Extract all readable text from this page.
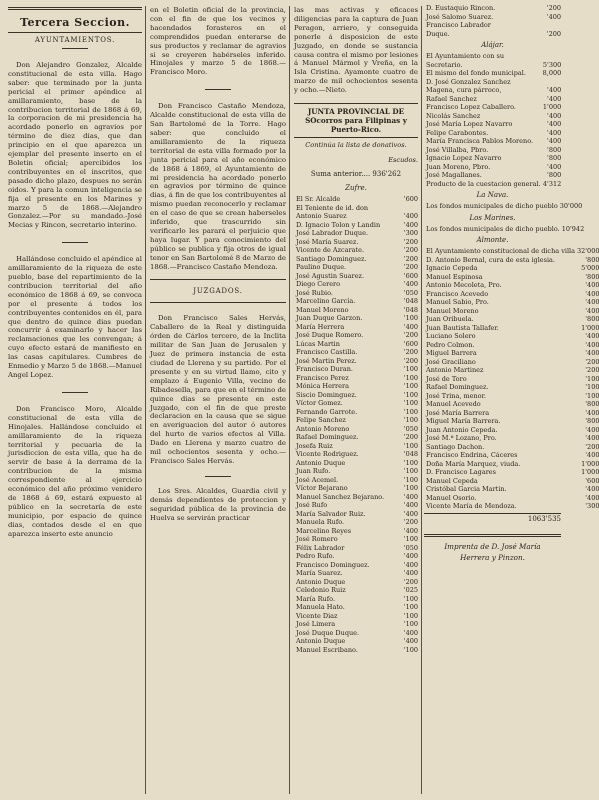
Tercera Seccion.
AYUNTAMIENTOS.

Don Alejandro Gonzalez, Alcalde constitucional de esta villa. Hago saber: que terminado por la junta pericial el primer apéndice al amillaramiento, base de la contribucion territorial de 1868 á 69, la corporacion de mi presidencia ha acordado ponerlo en agravios por término de diez dias, que dan principio en el que aparezca un ejemplar del presente inserto en el Boletin oficial; apercibidos los contribuyentes en el inscritos, que pasado dicho plazo, despues no serán oidos. Y para la comun inteligencia se fija el presente en los Marines y marzo 5 de 1868.—Alejandro Gonzalez.—Por su mandado.-José Mecias y Rincon, secretario interino.

Hallándose concluido el apéndice al amillaramiento de la riqueza de este pueblo, base del repartimiento de la contribucion territorial del año económico de 1868 á 69, se convoca por el presente á todos los contribuyentes contenidos en él, para que dentro de quince dias puedan concurrir á examinarlo y hacer las reclamaciones que les convengan; á cuyo efecto estará de manifiesto en las casas capitulares. Cumbres de Enmedio y Marzo 5 de 1868.—Manuel Angel Lopez.

Don Francisco Moro, Alcalde constitucional de esta villa de Hinojales. Hallándose concluido el amillaramiento de la riqueza territorial y pecuaria de la jurisdiccion de esta villa, que ha de servir de base á la derrama de la contribucion de la misma correspondiente al ejercicio económico del año próximo venidero de 1868 á 69, estará expuesto al público en la secretaría de este municipio, por espacio de quince dias, contados desde el en que aparezca inserto este anuncio

en el Boletin oficial de la provincia, con el fin de que los vecinos y hacendados forasteros en el comprendidos puedan enterarse de sus productos y reclamar de agravios si se creyeren habérseles inferido. Hinojales y marzo 5 de 1868.—Francisco Moro.

Don Francisco Castaño Mendoza, Alcalde constitucional de esta villa de San Bartolomé de la Torre. Hago saber: que concluido el amillaramiento de la riqueza territorial de esta villa formado por la junta pericial para el año económico de 1868 á 1869, el Ayuntamiento de mi presidencia ha acordado ponerlo en agravios por término de quince dias, á fin de que los contribuyentes al mismo puedan reconocerlo y reclamar en el caso de que se crean haberseles inferido, que trascurrido sin verificarlo les parará el perjuicio que haya lugar. Y para conocimiento del público se publica y fija otros de igual tenor en San Bartolomé 8 de Marzo de 1868.—Francisco Castaño Mendoza.

JUZGADOS.

Don Francisco Sales Hervás, Caballero de la Real y distinguida órden de Cárlos tercero, de la Inclita militar de San Juan de Jerusalen y Juez de primera instancia de esta ciudad de Llerena y su partido. Por el presente y en su virtud llamo, cito y emplazo á Eugenio Villa, vecino de Ribadesella, para que en el término de quince dias se presente en este Juzgado, con el fin de que preste declaracion en la causa que se sigue en averiguacion del autor ó autores del hurto de varios efectos al Villa. Dado en Llerena y marzo cuatro de mil ochocientos sesenta y ocho.—Francisco Sales Hervás.

Los Sres. Alcaldes, Guardia civil y demás dependientes de proteccion y seguridad pública de la provincia de Huelva se servirán practicar

las mas activas y eficaces diligencias para la captura de Juan Peragon, arriero, y conseguida ponerle á disposicion de este Juzgado, en donde se sustancia causa contra el mismo por lesiones á Manuel Mármol y Vreña, en la Isla Cristina. Ayamonte cuatro de marzo de mil ochocientos sesenta y ocho.—Nieto.

JUNTA PROVINCIAL DE SOcorros para Filipinas y Puerto-Rico.
Continúa la lista de donativos.
Escudos.
Suma anterior.... 936'262
Zufre.
El Sr. Alcalde	'600
El Teniente de id. don	
Antonio Suarez	'400
D. Ignacio Tolon y Landin	'400
José Labrador Duque.	'300
José María Suarez.	'200
Vicente de Azcarate.	'200
Santiago Dominguez.	'200
Paulino Duque.	'200
José Agustin Suarez.	'600
Diego Cerero	'400
José Rubio.	'050
Marcelino García.	'048
Manuel Moreno	'048
Juan Duque Garzon.	'100
María Herrera	'400
José Duque Romero.	'200
Lúcas Martin	'600
Francisco Castilla.	'200
José Martin Perez.	'200
Francisco Duran.	'100
Francisco Perez	'100
Mónica Herrera	'100
Siscio Dominguez.	'100
Víctor Gomez.	'100
Fernando Garrote.	'100
Felipe Sanchez	'100
Antonio Moreno	'050
Rafael Dominguez.	'200
Josefa Ruiz	'100
Vicente Rodriguez.	'048
Antonio Duque	'100
Juan Rufo.	'100
José Acemel.	'100
Víctor Bejarano	'100
Manuel Sanchez Bejarano.	'400
José Rufo	'400
María Salvador Ruiz.	'400
Manuela Rufo.	'200
Marcelino Reyes	'400
José Romero	'100
Félix Labrador	'050
Pedro Rufo.	'400
Francisco Dominguez.	'400
María Suarez.	'400
Antonio Duque	'200
Celedonio Ruiz	'025
María Rufo.	'100
Manuela Hato.	'100
Vicente Diaz	'100
José Limera	'100
José Duque Duque.	'400
Antonio Duque	'400
Manuel Escribano.	'100
D. Eustaquio Rincon.	'200
José Salomo Suarez.	'400
Francisco Labrador	
Duque.	'200
Alájar.
El Ayuntamiento con su	
Secretario.	5'300
El mismo del fondo municipal.	8,000
D. José Gonzalez Sanchez	
Magena, cura párroco,	'400
Rafael Sanchez	'400
Francisco Lopez Caballero.	1'000
Nicolás Sanchez	'400
José María Lopez Navarro	'400
Felipe Carabontes.	'400
María Francisca Pablos Moreno.	'400
José Villalba, Pbro.	'800
Ignacio Lopez Navarro	'800
Juan Moreno, Pbro.	'400
José Magallanes.	'800
Producto de la cuestacion general.	4'312
La Nava.
Los fondos municipales de dicho pueblo	30'000
Los Marines.
Los fondos municipales de dicho pueblo.	10'942
Almonte.
El Ayuntamiento constitucional de dicha villa	32'000
D. Antonio Bernal, cura de esta iglesia.	'800
Ignacio Cepeda	5'000
Manuel Espinosa	'800
Antonio Mecoleta, Pro.	'400
Francisco Acevedo	'400
Manuel Sabio, Pro.	'400
Manuel Moreno	'400
Juan Oribuela.	'800
Juan Bautista Tallafer.	1'000
Luciano Solero	'400
Pedro Colmon.	'400
Miguel Barrera	'400
José Graciliano	'200
Antonio Martinez	'200
José de Toro	'100
Rafael Dominguez.	'100
José Trina, menor.	'100
Manuel Acevedo	'800
José María Barrera	'400
Miguel María Barrera.	'800
Juan Antonio Cepeda.	'400
José M.ª Lozano, Pro.	'400
Santiago Dachon.	'200
Francisco Endrina, Cáceres	'400
Doña María Marquez, viuda.	1'000
D. Francisco Lagares	1'000
Manuel Cepeda	'600
Cristóbal Garcia Martin.	'400
Manuel Osorio.	'400
Vicente María de Mendoza.	'300
1063'535
Imprenta de D. José María
Herrera y Pinzon.
